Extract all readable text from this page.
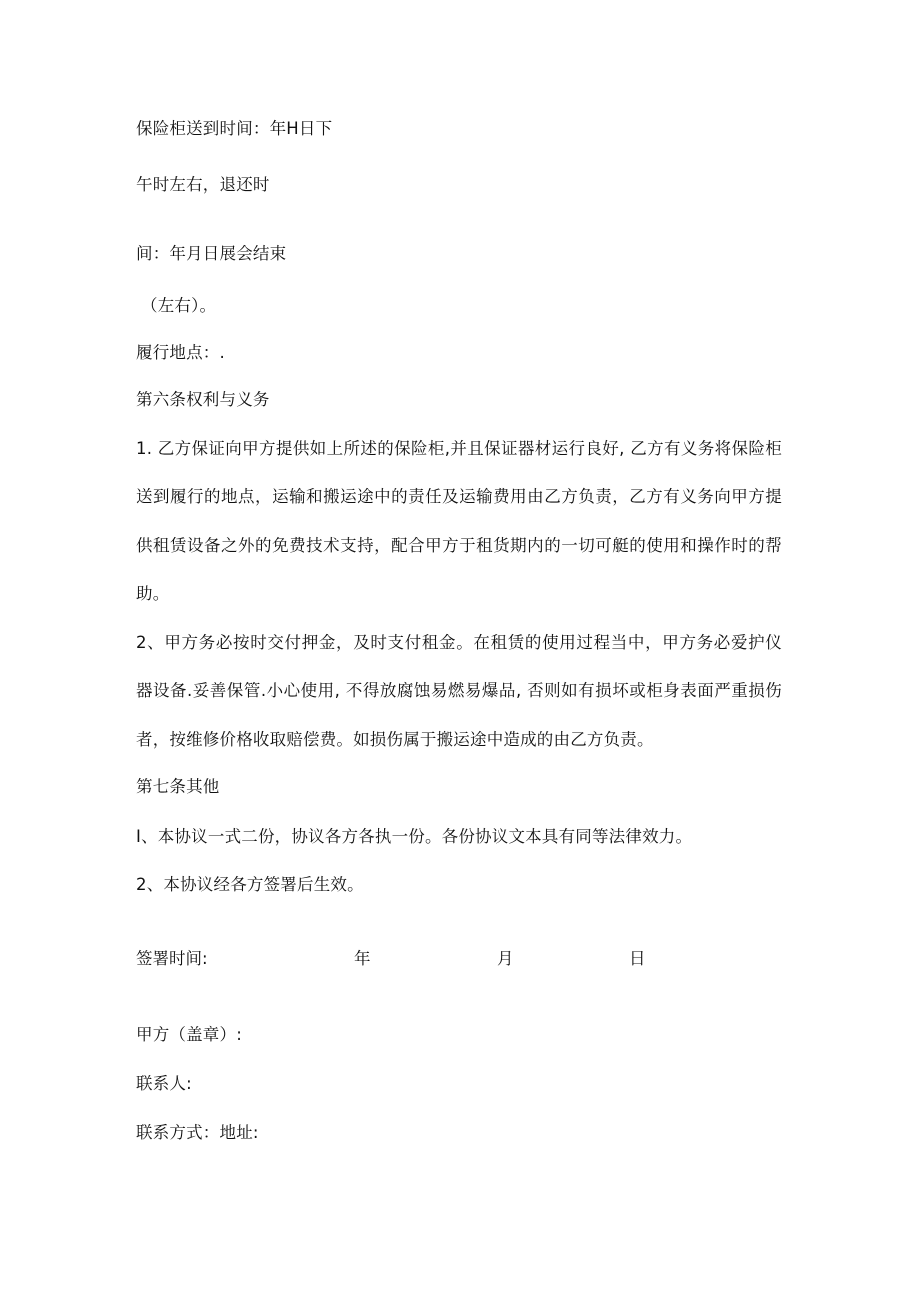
保险柜送到时间：年H日下
午时左右，退还时
间：年月日展会结束
（左右）。
履行地点：.
第六条权利与义务
1. 乙方保证向甲方提供如上所述的保险柜,并且保证器材运行良好, 乙方有义务将保险柜
送到履行的地点，运输和搬运途中的责任及运输费用由乙方负责，乙方有义务向甲方提
供租赁设备之外的免费技术支持，配合甲方于租货期内的一切可艇的使用和操作时的帮
助。
2、甲方务必按时交付押金，及时支付租金。在租赁的使用过程当中，甲方务必爱护仪
器设备.妥善保管.小心使用, 不得放腐蚀易燃易爆品, 否则如有损坏或柜身表面严重损伤
者，按维修价格收取赔偿费。如损伤属于搬运途中造成的由乙方负责。
第七条其他
I、本协议一式二份，协议各方各执一份。各份协议文本具有同等法律效力。
2、本协议经各方签署后生效。
签署时间:	年	月	日
甲方（盖章）:
联系人:
联系方式：地址:
